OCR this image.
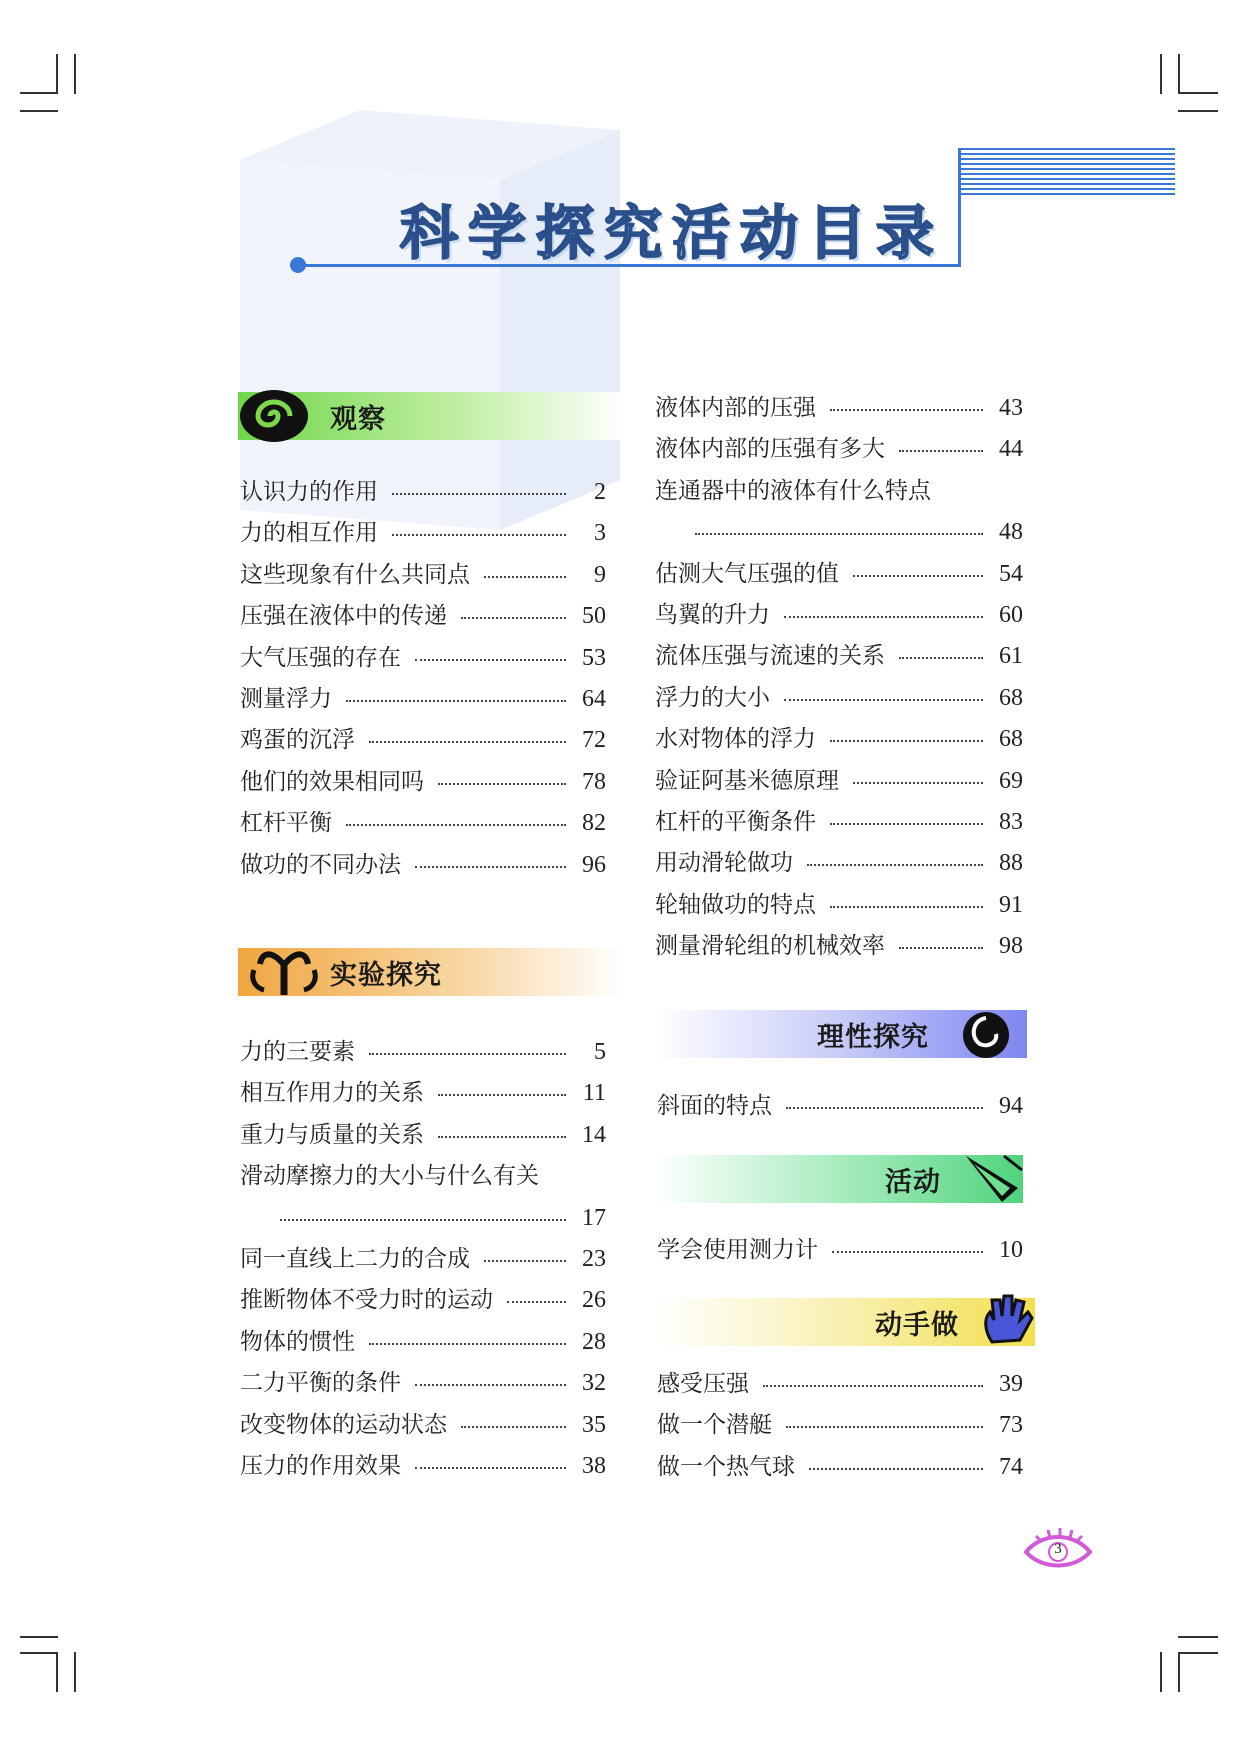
科学探究活动目录
观察
认识力的作用	2
力的相互作用	3
这些现象有什么共同点	9
压强在液体中的传递	50
大气压强的存在	53
测量浮力	64
鸡蛋的沉浮	72
他们的效果相同吗	78
杠杆平衡	82
做功的不同办法	96
实验探究
力的三要素	5
相互作用力的关系	11
重力与质量的关系	14
滑动摩擦力的大小与什么有关
17
同一直线上二力的合成	23
推断物体不受力时的运动	26
物体的惯性	28
二力平衡的条件	32
改变物体的运动状态	35
压力的作用效果	38
液体内部的压强	43
液体内部的压强有多大	44
连通器中的液体有什么特点
48
估测大气压强的值	54
鸟翼的升力	60
流体压强与流速的关系	61
浮力的大小	68
水对物体的浮力	68
验证阿基米德原理	69
杠杆的平衡条件	83
用动滑轮做功	88
轮轴做功的特点	91
测量滑轮组的机械效率	98
理性探究
活动
动手做
斜面的特点	94
学会使用测力计	10
感受压强	39
做一个潜艇	73
做一个热气球	74
3
